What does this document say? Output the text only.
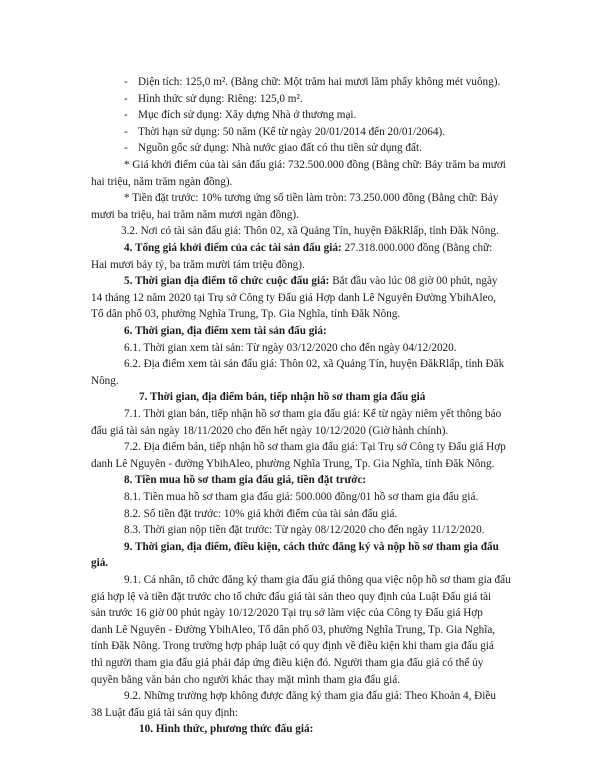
- Diện tích: 125,0 m². (Bằng chữ: Một trăm hai mươi lăm phẩy không mét vuông).
- Hình thức sử dụng: Riêng: 125,0 m².
- Mục đích sử dụng: Xây dựng Nhà ở thương mại.
- Thời hạn sử dụng: 50 năm (Kể từ ngày 20/01/2014 đến 20/01/2064).
- Nguồn gốc sử dụng: Nhà nước giao đất có thu tiền sử dụng đất.
* Giá khởi điểm của tài sản đấu giá: 732.500.000 đồng (Bằng chữ: Bảy trăm ba mươi
hai triệu, năm trăm ngàn đồng).
* Tiền đặt trước: 10% tương ứng số tiền làm tròn: 73.250.000 đồng (Bằng chữ: Bảy
mươi ba triệu, hai trăm năm mươi ngàn đồng).
3.2. Nơi có tài sản đấu giá: Thôn 02, xã Quảng Tín, huyện ĐăkRlấp, tỉnh Đăk Nông.
4. Tổng giá khởi điểm của các tài sản đấu giá: 27.318.000.000 đồng (Bằng chữ:
Hai mươi bảy tỷ, ba trăm mười tám triệu đồng).
5. Thời gian địa điểm tổ chức cuộc đấu giá: Bắt đầu vào lúc 08 giờ 00 phút, ngày
14 tháng 12 năm 2020 tại Trụ sở Công ty Đấu giá Hợp danh Lê Nguyên Đường YbihAleo,
Tổ dân phố 03, phường Nghĩa Trung, Tp. Gia Nghĩa, tỉnh Đăk Nông.
6. Thời gian, địa điểm xem tài sản đấu giá:
6.1. Thời gian xem tài sản: Từ ngày 03/12/2020 cho đến ngày 04/12/2020.
6.2. Địa điểm xem tài sản đấu giá: Thôn 02, xã Quảng Tín, huyện ĐăkRlấp, tỉnh Đăk
Nông.
7. Thời gian, địa điểm bán, tiếp nhận hồ sơ tham gia đấu giá
7.1. Thời gian bán, tiếp nhận hồ sơ tham gia đấu giá: Kể từ ngày niêm yết thông báo
đấu giá tài sản ngày 18/11/2020 cho đến hết ngày 10/12/2020 (Giờ hành chính).
7.2. Địa điểm bán, tiếp nhận hồ sơ tham gia đấu giá: Tại Trụ sở Công ty Đấu giá Hợp
danh Lê Nguyên - đường YbihAleo, phường Nghĩa Trung, Tp. Gia Nghĩa, tỉnh Đăk Nông.
8. Tiền mua hồ sơ tham gia đấu giá, tiền đặt trước:
8.1. Tiền mua hồ sơ tham gia đấu giá: 500.000 đồng/01 hồ sơ tham gia đấu giá.
8.2. Số tiền đặt trước: 10% giá khởi điểm của tài sản đấu giá.
8.3. Thời gian nộp tiền đặt trước: Từ ngày 08/12/2020 cho đến ngày 11/12/2020.
9. Thời gian, địa điểm, điều kiện, cách thức đăng ký và nộp hồ sơ tham gia đấu
giá.
9.1. Cá nhân, tổ chức đăng ký tham gia đấu giá thông qua việc nộp hồ sơ tham gia đấu
giá hợp lệ và tiền đặt trước cho tổ chức đấu giá tài sản theo quy định của Luật Đấu giá tài
sản trước 16 giờ 00 phút ngày 10/12/2020 Tại trụ sở làm việc của Công ty Đấu giá Hợp
danh Lê Nguyên - Đường YbihAleo, Tổ dân phố 03, phường Nghĩa Trung, Tp. Gia Nghĩa,
tỉnh Đăk Nông. Trong trường hợp pháp luật có quy định về điều kiện khi tham gia đấu giá
thì người tham gia đấu giá phải đáp ứng điều kiện đó. Người tham gia đấu giá có thể ủy
quyền bằng văn bản cho người khác thay mặt mình tham gia đấu giá.
9.2. Những trường hợp không được đăng ký tham gia đấu giá: Theo Khoản 4, Điều
38 Luật đấu giá tài sản quy định:
10. Hình thức, phương thức đấu giá:
